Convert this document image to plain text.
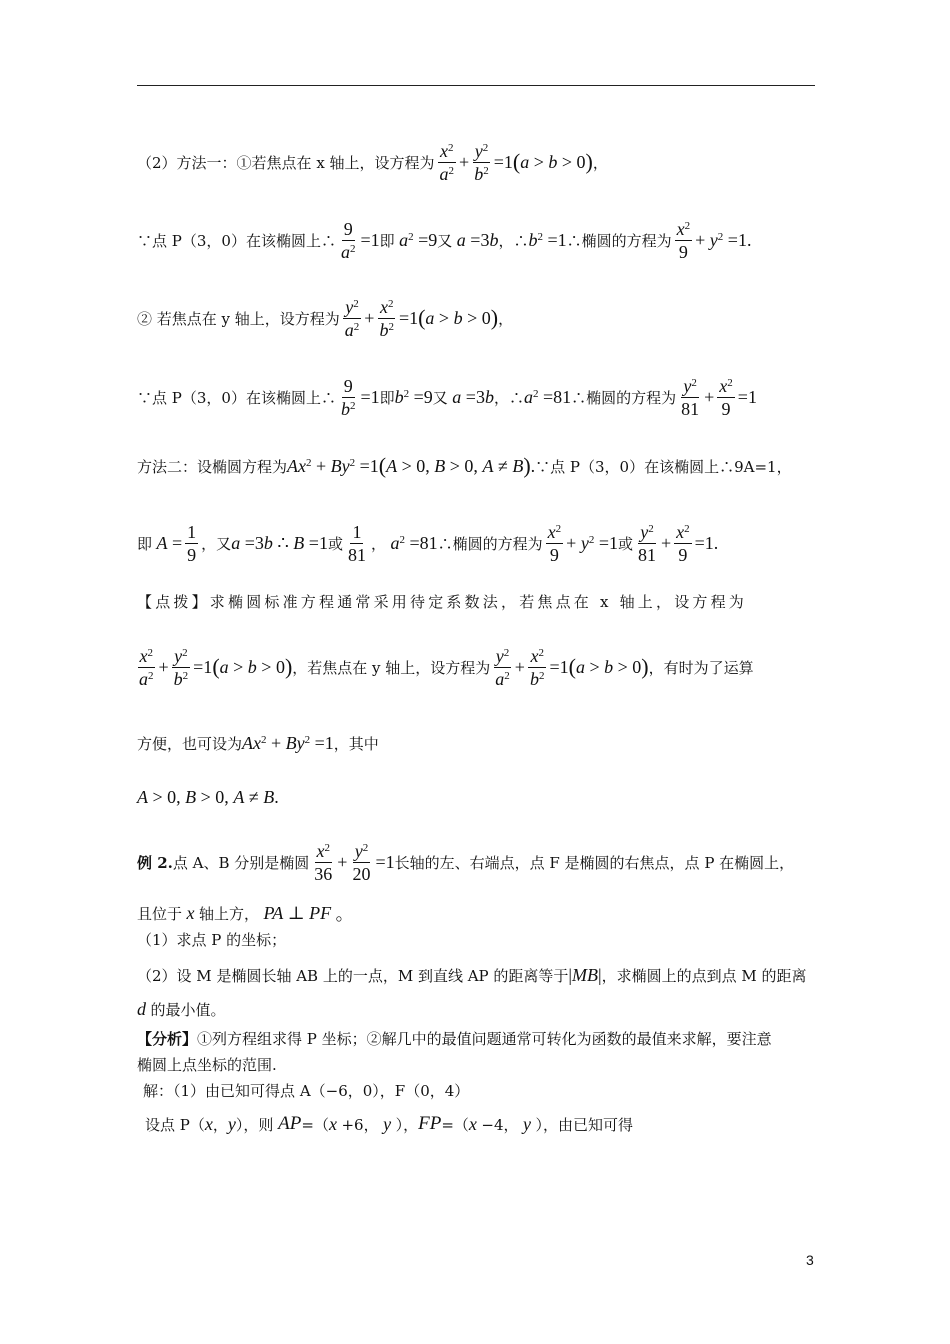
（2）方法一：①若焦点在 x 轴上，设方程为 $\frac{x^2}{a^2} + \frac{y^2}{b^2} =1$ ( a > b > 0 ) ，
∵点 P（3，0）在该椭圆上∴ $\frac{9}{a^2} =1$ 即 $a^2 =9$ 又 a =3 b ，∴ $b^2 =1$ ∴椭圆的方程为 $\frac{x^2}{9} + y^2 =1$.
② 若焦点在 y 轴上，设方程为 $\frac{y^2}{a^2} + \frac{x^2}{b^2} =1$ ( a > b > 0 ) ，
∵点 P（3，0）在该椭圆上∴ $\frac{9}{b^2} =1$ 即 $b^2 =9$ 又 a =3 b ，∴ $a^2 =81$ ∴椭圆的方程为 $\frac{y^2}{81} + \frac{x^2}{9} =1$
方法二：设椭圆方程为 $Ax^2 + By^2 =1$ ( A > 0, B > 0, A ≠ B ) . ∵点 P（3，0）在该椭圆上∴9A=1，
即 $A = \frac{1}{9}$ ，又 a =3 b ∴ B =1 或 $\frac{1}{81}$ ， $a^2 =81$ ∴椭圆的方程为 $\frac{x^2}{9} + y^2 =1$ 或 $\frac{y^2}{81} + \frac{x^2}{9} =1$.
【点拨】求椭圆标准方程通常采用待定系数法，若焦点在 x 轴上，设方程为
$\frac{x^2}{a^2} + \frac{y^2}{b^2} =1$ ( a > b > 0 ) ，若焦点在 y 轴上，设方程为 $\frac{y^2}{a^2} + \frac{x^2}{b^2} =1$ ( a > b > 0 ) ，有时为了运算
方便，也可设为 $Ax^2 + By^2 =1$ ，其中
A > 0, B > 0, A ≠ B .
例 2. 点 A、B 分别是椭圆 $\frac{x^2}{36} + \frac{y^2}{20} =1$ 长轴的左、右端点，点 F 是椭圆的右焦点，点 P 在椭圆上，
且位于 x 轴上方， PA ⊥ PF 。
（1）求点 P 的坐标；
（2）设 M 是椭圆长轴 AB 上的一点，M 到直线 AP 的距离等于 | MB | ，求椭圆上的点到点 M 的距离
d 的最小值。
【分析】 ①列方程组求得 P 坐标；②解几中的最值问题通常可转化为函数的最值来求解，要注意
椭圆上点坐标的范围.
解：（1）由已知可得点 A（−6，0），F（0，4）
设点 P（ x ， y ），则 AP =（ x +6， y ）， FP =（ x −4， y ），由已知可得
3
